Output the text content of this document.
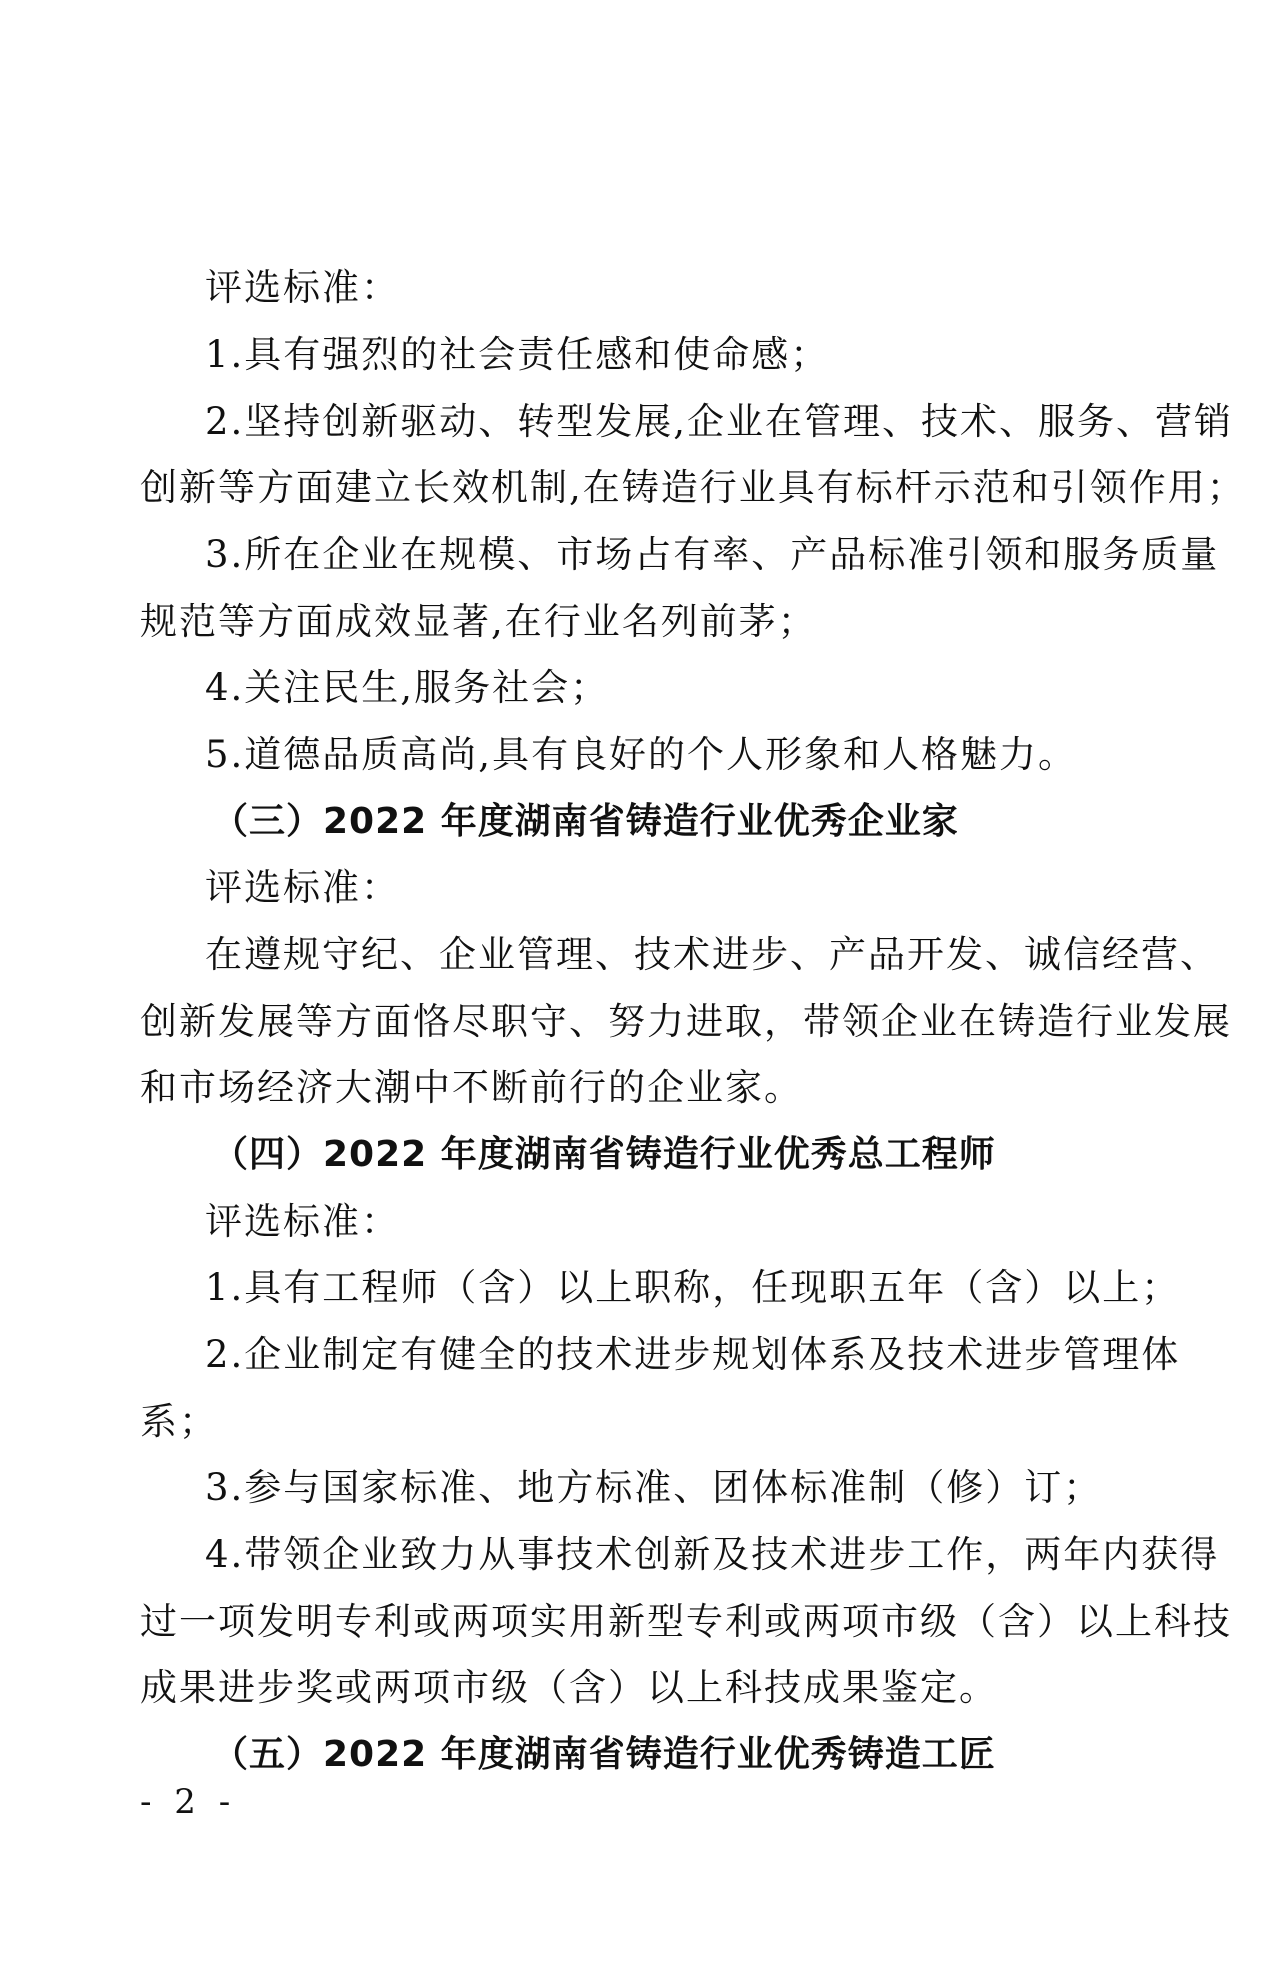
评选标准：
1.具有强烈的社会责任感和使命感；
2.坚持创新驱动、转型发展,企业在管理、技术、服务、营销
创新等方面建立长效机制,在铸造行业具有标杆示范和引领作用；
3.所在企业在规模、市场占有率、产品标准引领和服务质量
规范等方面成效显著,在行业名列前茅；
4.关注民生,服务社会；
5.道德品质高尚,具有良好的个人形象和人格魅力。
（三）2022 年度湖南省铸造行业优秀企业家
评选标准：
在遵规守纪、企业管理、技术进步、产品开发、诚信经营、
创新发展等方面恪尽职守、努力进取，带领企业在铸造行业发展
和市场经济大潮中不断前行的企业家。
（四）2022 年度湖南省铸造行业优秀总工程师
评选标准：
1.具有工程师（含）以上职称，任现职五年（含）以上；
2.企业制定有健全的技术进步规划体系及技术进步管理体
系；
3.参与国家标准、地方标准、团体标准制（修）订；
4.带领企业致力从事技术创新及技术进步工作，两年内获得
过一项发明专利或两项实用新型专利或两项市级（含）以上科技
成果进步奖或两项市级（含）以上科技成果鉴定。
（五）2022 年度湖南省铸造行业优秀铸造工匠
- 2 -
